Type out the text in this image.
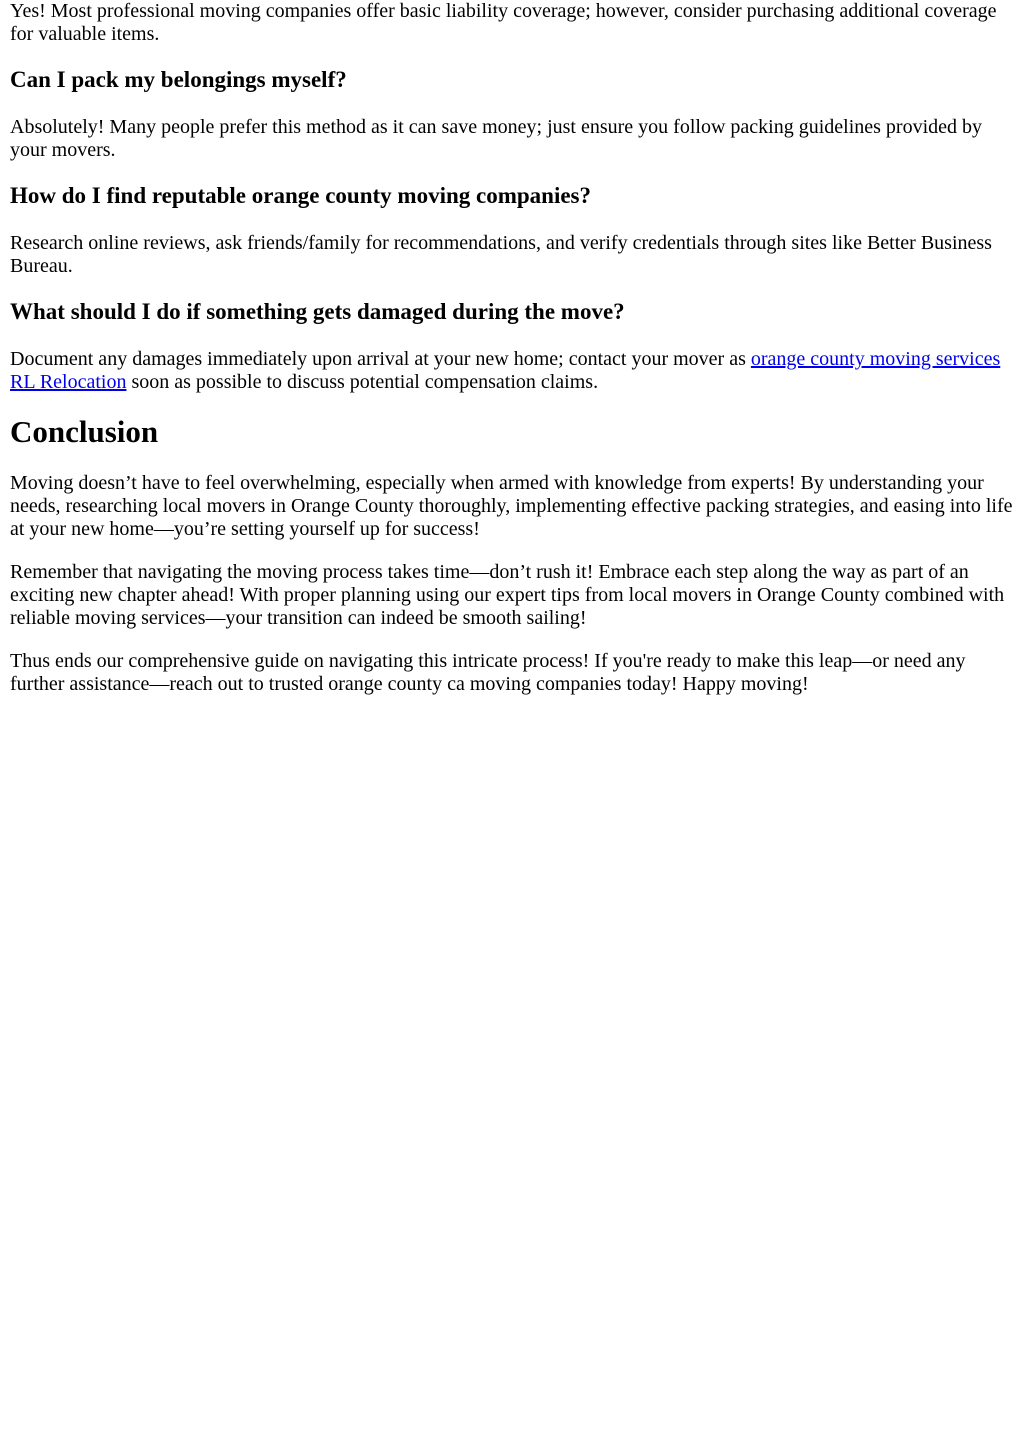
Yes! Most professional moving companies offer basic liability coverage; however, consider purchasing additional coverage for valuable items.

Can I pack my belongings myself?

Absolutely! Many people prefer this method as it can save money; just ensure you follow packing guidelines provided by your movers.

How do I find reputable orange county moving companies?

Research online reviews, ask friends/family for recommendations, and verify credentials through sites like Better Business Bureau.

What should I do if something gets damaged during the move?

Document any damages immediately upon arrival at your new home; contact your mover as orange county moving services RL Relocation soon as possible to discuss potential compensation claims.

Conclusion

Moving doesn’t have to feel overwhelming, especially when armed with knowledge from experts! By understanding your needs, researching local movers in Orange County thoroughly, implementing effective packing strategies, and easing into life at your new home—you’re setting yourself up for success!

Remember that navigating the moving process takes time—don’t rush it! Embrace each step along the way as part of an exciting new chapter ahead! With proper planning using our expert tips from local movers in Orange County combined with reliable moving services—your transition can indeed be smooth sailing!

Thus ends our comprehensive guide on navigating this intricate process! If you're ready to make this leap—or need any further assistance—reach out to trusted orange county ca moving companies today! Happy moving!
